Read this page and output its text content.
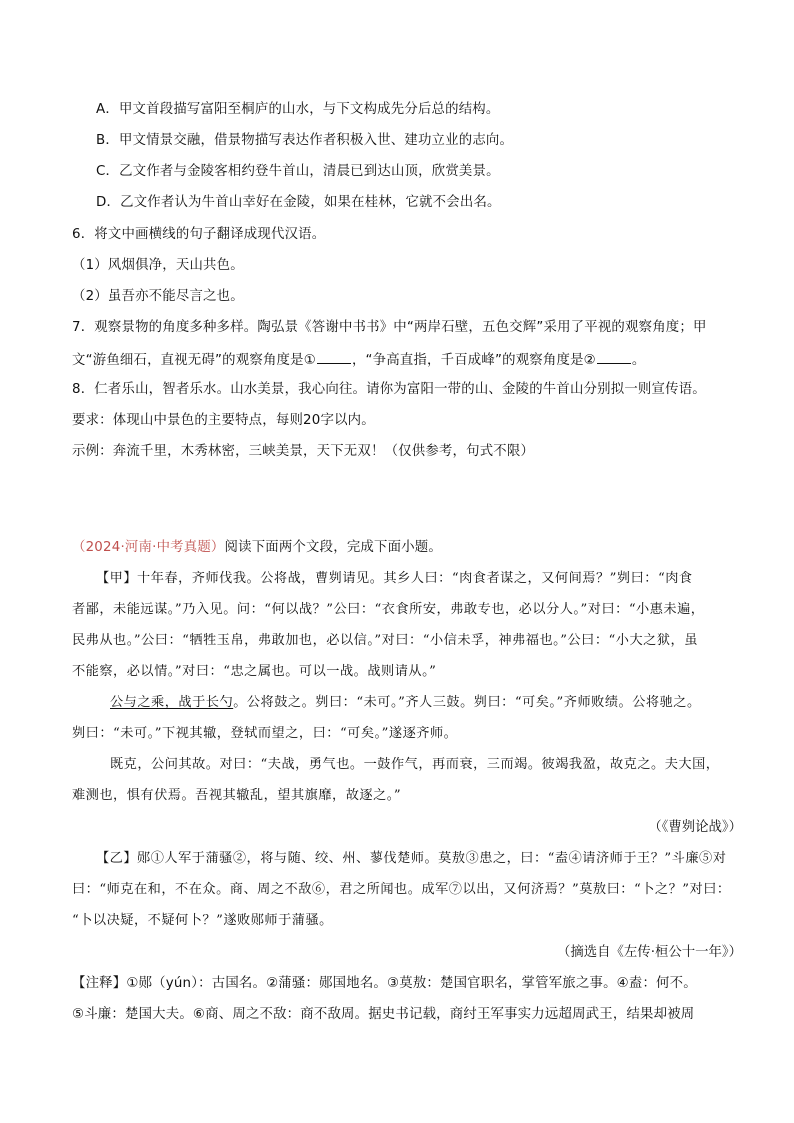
A．甲文首段描写富阳至桐庐的山水，与下文构成先分后总的结构。
B．甲文情景交融，借景物描写表达作者积极入世、建功立业的志向。
C．乙文作者与金陵客相约登牛首山，清晨已到达山顶，欣赏美景。
D．乙文作者认为牛首山幸好在金陵，如果在桂林，它就不会出名。
6．将文中画横线的句子翻译成现代汉语。
（1）风烟俱净，天山共色。
（2）虽吾亦不能尽言之也。
7．观察景物的角度多种多样。陶弘景《答谢中书书》中“两岸石壁，五色交辉”采用了平视的观察角度；甲
文“游鱼细石，直视无碍”的观察角度是①	，“争高直指，千百成峰”的观察角度是②	。
8．仁者乐山，智者乐水。山水美景，我心向往。请你为富阳一带的山、金陵的牛首山分别拟一则宣传语。
要求：体现山中景色的主要特点，每则20字以内。
示例：奔流千里，木秀林密，三峡美景，天下无双！（仅供参考，句式不限）
（2024·河南·中考真题）阅读下面两个文段，完成下面小题。
【甲】十年春，齐师伐我。公将战，曹刿请见。其乡人曰：“肉食者谋之，又何间焉？”刿曰：“肉食
者鄙，未能远谋。”乃入见。问：“何以战？”公曰：“衣食所安，弗敢专也，必以分人。”对曰：“小惠未遍，
民弗从也。”公曰：“牺牲玉帛，弗敢加也，必以信。”对曰：“小信未孚，神弗福也。”公曰：“小大之狱，虽
不能察，必以情。”对曰：“忠之属也。可以一战。战则请从。”
公与之乘，战于长勺。公将鼓之。刿曰：“未可。”齐人三鼓。刿曰：“可矣。”齐师败绩。公将驰之。
刿曰：“未可。”下视其辙，登轼而望之，曰：“可矣。”遂逐齐师。
既克，公问其故。对曰：“夫战，勇气也。一鼓作气，再而衰，三而竭。彼竭我盈，故克之。夫大国，
难测也，惧有伏焉。吾视其辙乱，望其旗靡，故逐之。”
（《曹刿论战》）
【乙】郧①人军于蒲骚②，将与随、绞、州、蓼伐楚师。莫敖③患之，曰：“盍④请济师于王？”斗廉⑤对
曰：“师克在和，不在众。商、周之不敌⑥，君之所闻也。成军⑦以出，又何济焉？”莫敖曰：“卜之？”对曰：
“卜以决疑，不疑何卜？”遂败郧师于蒲骚。
（摘选自《左传·桓公十一年》）
【注释】①郧（yún）：古国名。②蒲骚：郧国地名。③莫敖：楚国官职名，掌管军旅之事。④盍：何不。
⑤斗廉：楚国大夫。⑥商、周之不敌：商不敌周。据史书记载，商纣王军事实力远超周武王，结果却被周
